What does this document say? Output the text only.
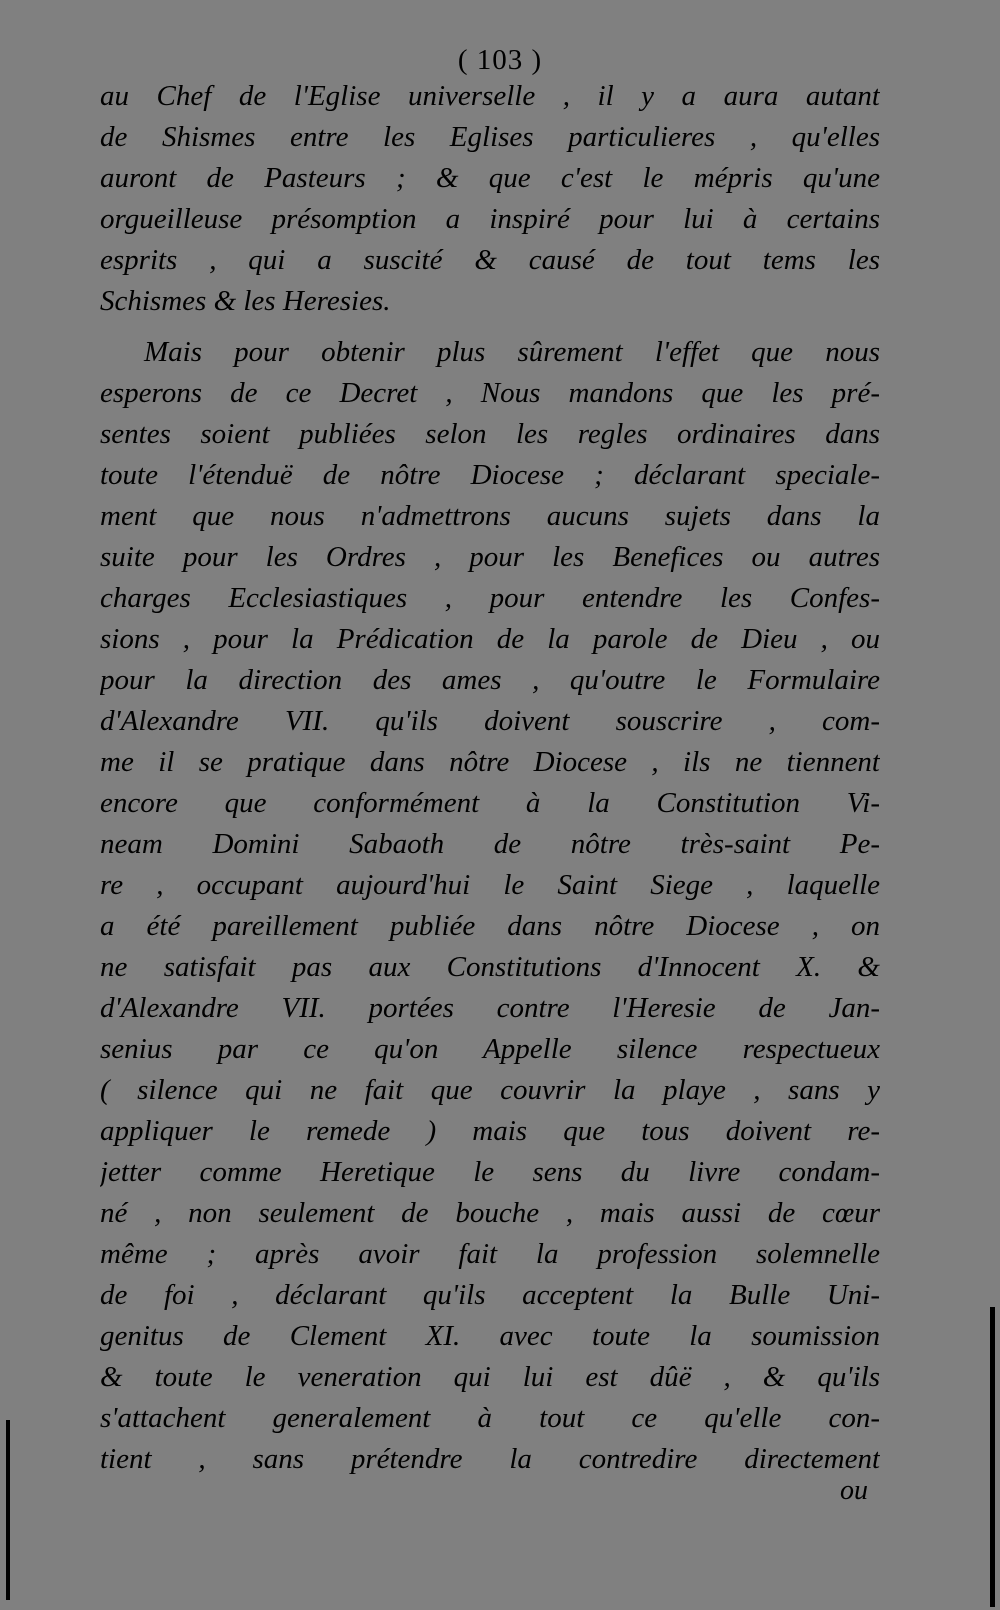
( 103 )
au Chef de l'Eglise universelle , il y a aura autant
de Shismes entre les Eglises particulieres , qu'elles
auront de Pasteurs ; & que c'est le mépris qu'une
orgueilleuse présomption a inspiré pour lui à certains
esprits , qui a suscité & causé de tout tems les
Schismes & les Heresies.
Mais pour obtenir plus sûrement l'effet que nous
esperons de ce Decret , Nous mandons que les pré-
sentes soient publiées selon les regles ordinaires dans
toute l'étenduë de nôtre Diocese ; déclarant speciale-
ment que nous n'admettrons aucuns sujets dans la
suite pour les Ordres , pour les Benefices ou autres
charges Ecclesiastiques , pour entendre les Confes-
sions , pour la Prédication de la parole de Dieu , ou
pour la direction des ames , qu'outre le Formulaire
d'Alexandre VII. qu'ils doivent souscrire , com-
me il se pratique dans nôtre Diocese , ils ne tiennent
encore que conformément à la Constitution Vi-
neam Domini Sabaoth de nôtre très-saint Pe-
re , occupant aujourd'hui le Saint Siege , laquelle
a été pareillement publiée dans nôtre Diocese , on
ne satisfait pas aux Constitutions d'Innocent X. &
d'Alexandre VII. portées contre l'Heresie de Jan-
senius par ce qu'on Appelle silence respectueux
( silence qui ne fait que couvrir la playe , sans y
appliquer le remede ) mais que tous doivent re-
jetter comme Heretique le sens du livre condam-
né , non seulement de bouche , mais aussi de cœur
même ; après avoir fait la profession solemnelle
de foi , déclarant qu'ils acceptent la Bulle Uni-
genitus de Clement XI. avec toute la soumission
& toute le veneration qui lui est dûë , & qu'ils
s'attachent generalement à tout ce qu'elle con-
tient , sans prétendre la contredire directement
ou
